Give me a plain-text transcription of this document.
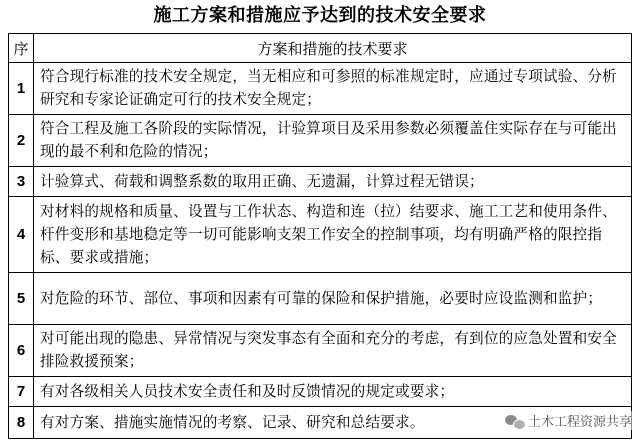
施工方案和措施应予达到的技术安全要求
序	方案和措施的技术要求
1	符合现行标准的技术安全规定，当无相应和可参照的标准规定时，应通过专项试验、分析研究和专家论证确定可行的技术安全规定；
2	符合工程及施工各阶段的实际情况，计验算项目及采用参数必须覆盖住实际存在与可能出现的最不利和危险的情况；
3	计验算式、荷载和调整系数的取用正确、无遗漏，计算过程无错误；
4	对材料的规格和质量、设置与工作状态、构造和连（拉）结要求、施工工艺和使用条件、杆件变形和基地稳定等一切可能影响支架工作安全的控制事项，均有明确严格的限控指标、要求或措施；
5	对危险的环节、部位、事项和因素有可靠的保险和保护措施，必要时应设监测和监护；
6	对可能出现的隐患、异常情况与突发事态有全面和充分的考虑，有到位的应急处置和安全排险救援预案；
7	有对各级相关人员技术安全责任和及时反馈情况的规定或要求；
8	有对方案、措施实施情况的考察、记录、研究和总结要求。	土木工程资源共享
